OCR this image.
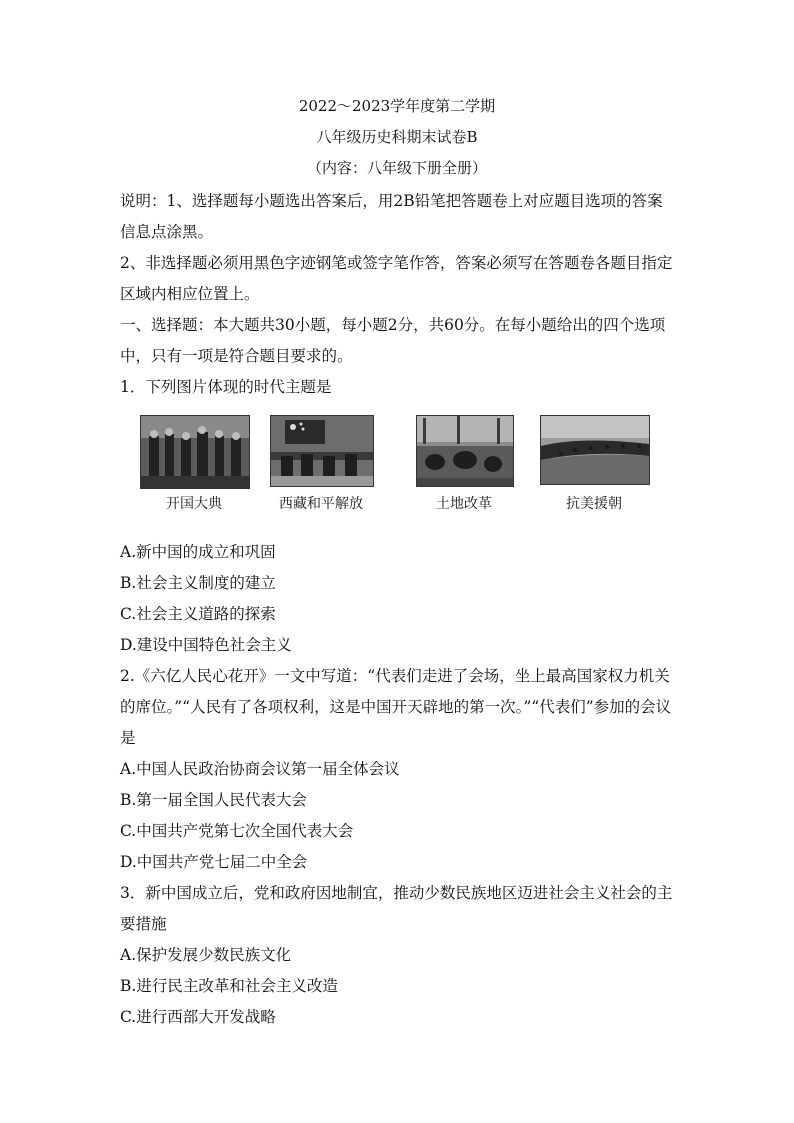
2022～2023学年度第二学期
八年级历史科期末试卷B
（内容：八年级下册全册）

说明：1、选择题每小题选出答案后，用2B铅笔把答题卷上对应题目选项的答案信息点涂黑。

2、非选择题必须用黑色字迹钢笔或签字笔作答，答案必须写在答题卷各题目指定区域内相应位置上。

一、选择题：本大题共30小题，每小题2分，共60分。在每小题给出的四个选项中，只有一项是符合题目要求的。

1．下列图片体现的时代主题是

开国大典	西藏和平解放	土地改革	抗美援朝

A.新中国的成立和巩固

B.社会主义制度的建立

C.社会主义道路的探索

D.建设中国特色社会主义

2.《六亿人民心花开》一文中写道：“代表们走进了会场，坐上最高国家权力机关的席位。”“人民有了各项权利，这是中国开天辟地的第一次。”“代表们”参加的会议是

A.中国人民政治协商会议第一届全体会议

B.第一届全国人民代表大会

C.中国共产党第七次全国代表大会

D.中国共产党七届二中全会

3．新中国成立后，党和政府因地制宜，推动少数民族地区迈进社会主义社会的主要措施

A.保护发展少数民族文化

B.进行民主改革和社会主义改造

C.进行西部大开发战略
